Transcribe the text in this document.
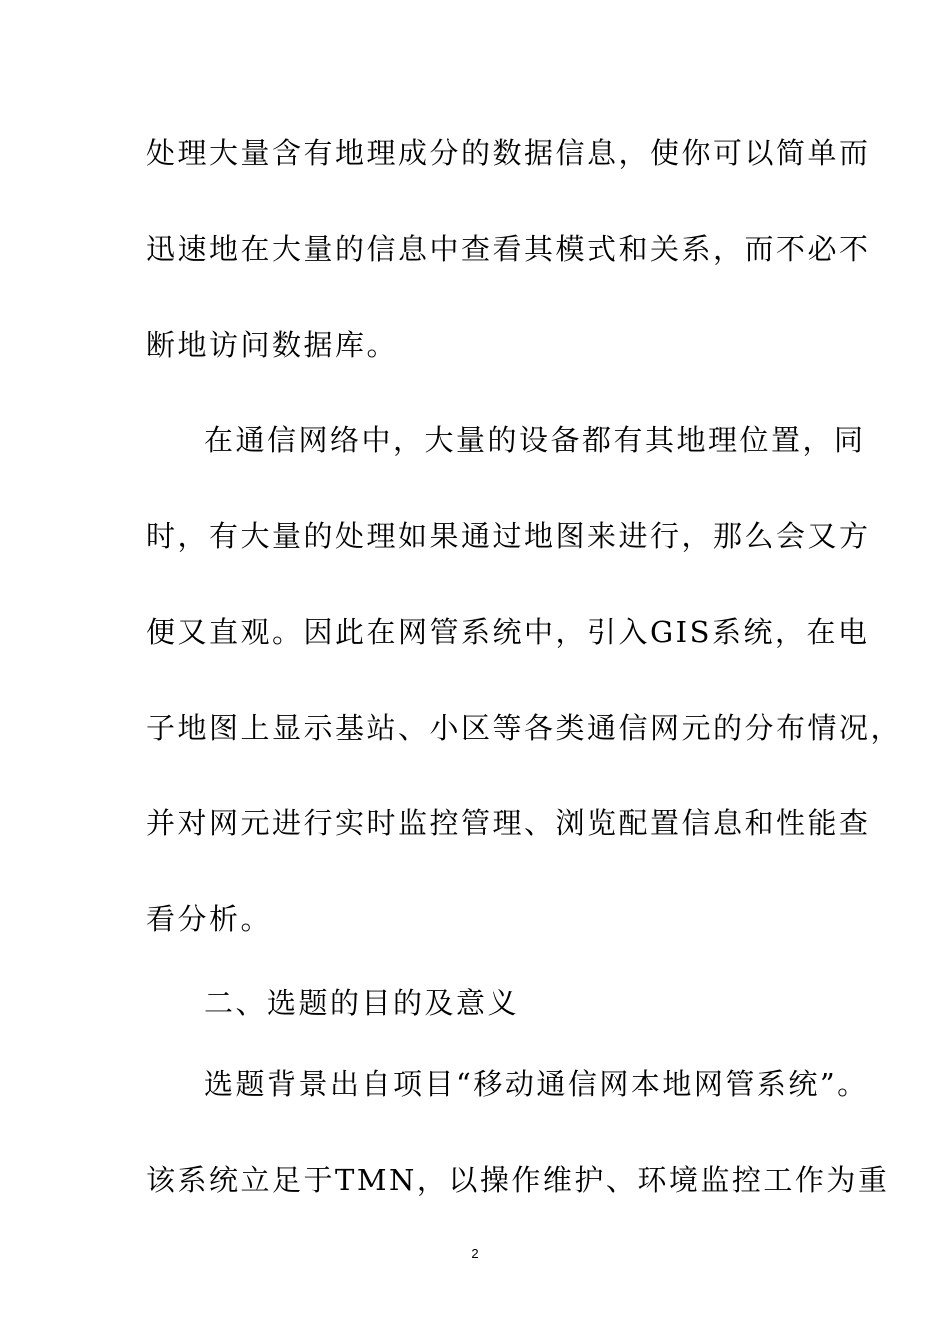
处理大量含有地理成分的数据信息，使你可以简单而
迅速地在大量的信息中查看其模式和关系，而不必不
断地访问数据库。
在通信网络中，大量的设备都有其地理位置，同
时，有大量的处理如果通过地图来进行，那么会又方
便又直观。因此在网管系统中，引入GIS系统，在电
子地图上显示基站、小区等各类通信网元的分布情况，
并对网元进行实时监控管理、浏览配置信息和性能查
看分析。
二、选题的目的及意义
选题背景出自项目“移动通信网本地网管系统”。
该系统立足于TMN，以操作维护、环境监控工作为重
2
